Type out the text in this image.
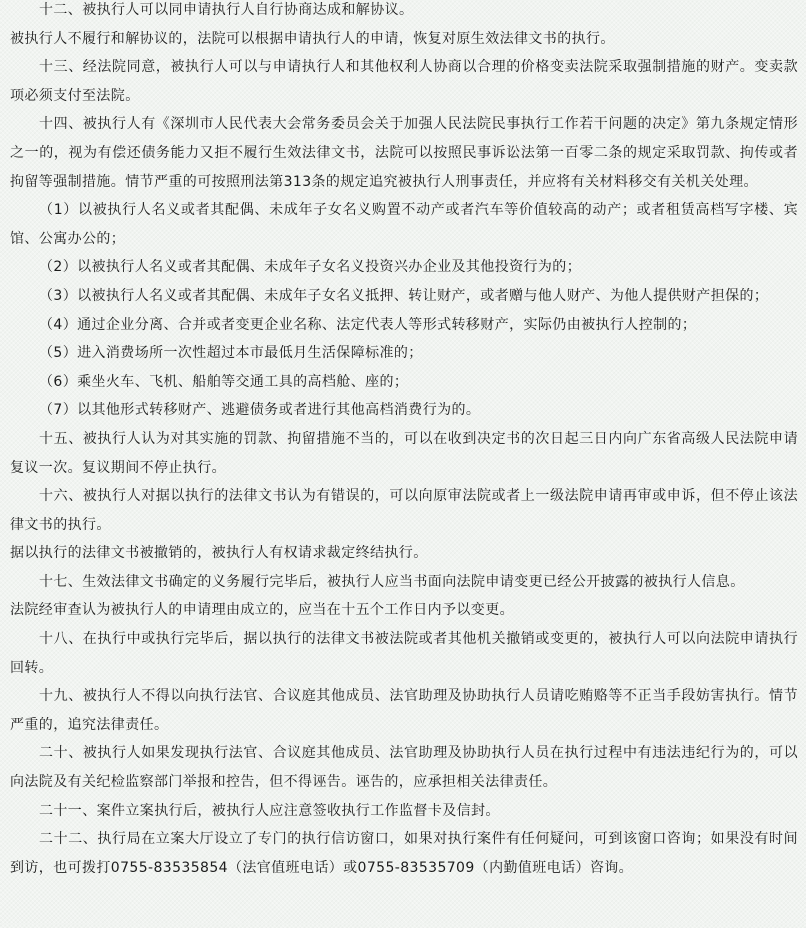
十二、被执行人可以同申请执行人自行协商达成和解协议。

被执行人不履行和解协议的，法院可以根据申请执行人的申请，恢复对原生效法律文书的执行。

十三、经法院同意，被执行人可以与申请执行人和其他权利人协商以合理的价格变卖法院采取强制措施的财产。变卖款项必须支付至法院。

十四、被执行人有《深圳市人民代表大会常务委员会关于加强人民法院民事执行工作若干问题的决定》第九条规定情形之一的，视为有偿还债务能力又拒不履行生效法律文书，法院可以按照民事诉讼法第一百零二条的规定采取罚款、拘传或者拘留等强制措施。情节严重的可按照刑法第313条的规定追究被执行人刑事责任，并应将有关材料移交有关机关处理。

（1）以被执行人名义或者其配偶、未成年子女名义购置不动产或者汽车等价值较高的动产；或者租赁高档写字楼、宾馆、公寓办公的；

（2）以被执行人名义或者其配偶、未成年子女名义投资兴办企业及其他投资行为的；

（3）以被执行人名义或者其配偶、未成年子女名义抵押、转让财产，或者赠与他人财产、为他人提供财产担保的；

（4）通过企业分离、合并或者变更企业名称、法定代表人等形式转移财产，实际仍由被执行人控制的；

（5）进入消费场所一次性超过本市最低月生活保障标准的；

（6）乘坐火车、飞机、船舶等交通工具的高档舱、座的；

（7）以其他形式转移财产、逃避债务或者进行其他高档消费行为的。

十五、被执行人认为对其实施的罚款、拘留措施不当的，可以在收到决定书的次日起三日内向广东省高级人民法院申请复议一次。复议期间不停止执行。

十六、被执行人对据以执行的法律文书认为有错误的，可以向原审法院或者上一级法院申请再审或申诉，但不停止该法律文书的执行。

据以执行的法律文书被撤销的，被执行人有权请求裁定终结执行。

十七、生效法律文书确定的义务履行完毕后，被执行人应当书面向法院申请变更已经公开披露的被执行人信息。

法院经审查认为被执行人的申请理由成立的，应当在十五个工作日内予以变更。

十八、在执行中或执行完毕后，据以执行的法律文书被法院或者其他机关撤销或变更的，被执行人可以向法院申请执行回转。

十九、被执行人不得以向执行法官、合议庭其他成员、法官助理及协助执行人员请吃贿赂等不正当手段妨害执行。情节严重的，追究法律责任。

二十、被执行人如果发现执行法官、合议庭其他成员、法官助理及协助执行人员在执行过程中有违法违纪行为的，可以向法院及有关纪检监察部门举报和控告，但不得诬告。诬告的，应承担相关法律责任。

二十一、案件立案执行后，被执行人应注意签收执行工作监督卡及信封。

二十二、执行局在立案大厅设立了专门的执行信访窗口，如果对执行案件有任何疑问，可到该窗口咨询；如果没有时间到访，也可拨打0755-83535854（法官值班电话）或0755-83535709（内勤值班电话）咨询。
